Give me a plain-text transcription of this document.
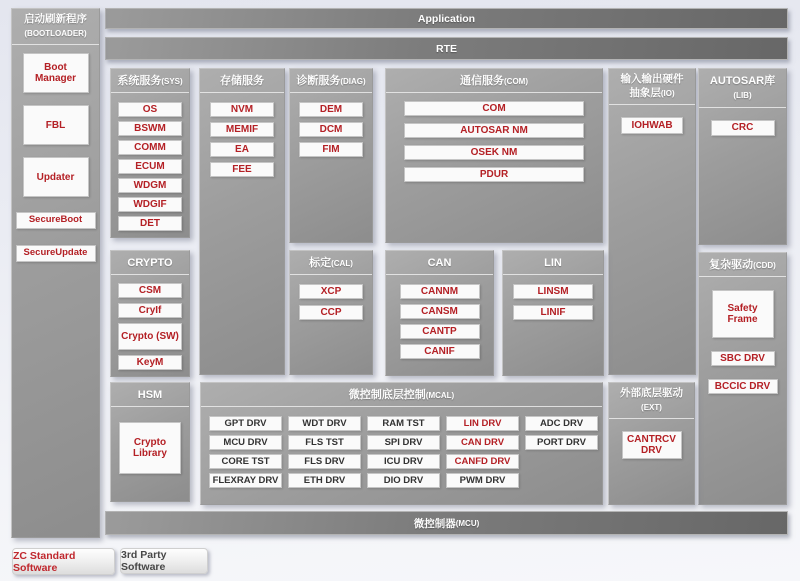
Application
RTE
启动刷新程序
(BOOTLOADER)
Boot Manager
FBL
Updater
SecureBoot
SecureUpdate
系统服务(SYS)
OS
BSWM
COMM
ECUM
WDGM
WDGIF
DET
存储服务
NVM
MEMIF
EA
FEE
诊断服务(DIAG)
DEM
DCM
FIM
通信服务(COM)
COM
AUTOSAR NM
OSEK NM
PDUR
输入输出硬件
抽象层(IO)
IOHWAB
AUTOSAR库(LIB)
CRC
CRYPTO
CSM
CryIf
Crypto (SW)
KeyM
标定(CAL)
XCP
CCP
CAN
CANNM
CANSM
CANTP
CANIF
LIN
LINSM
LINIF
复杂驱动(CDD)
Safety Frame
SBC DRV
BCCIC DRV
HSM
Crypto Library
微控制底层控制(MCAL)
GPT DRV	WDT DRV	RAM TST	LIN DRV	ADC DRV
MCU DRV	FLS TST	SPI DRV	CAN DRV	PORT DRV
CORE TST	FLS DRV	ICU DRV	CANFD DRV
FLEXRAY DRV	ETH DRV	DIO DRV	PWM DRV
外部底层驱动
(EXT)
CANTRCV DRV
微控制器 (MCU)
ZC Standard Software
3rd Party Software
